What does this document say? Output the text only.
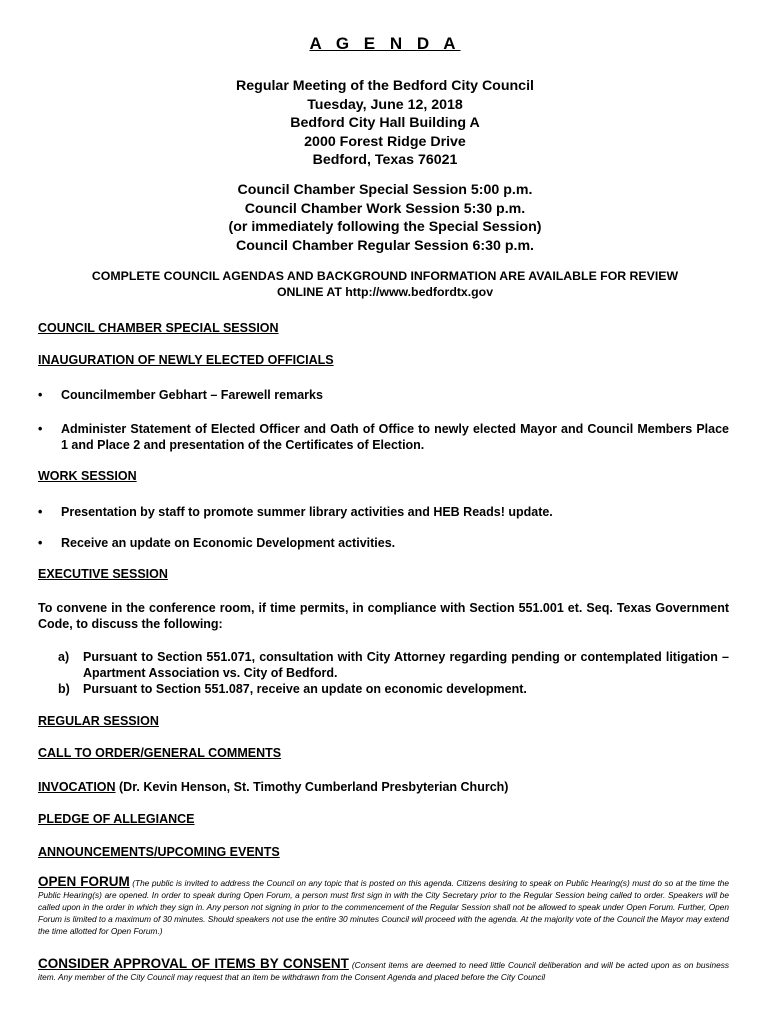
A G E N D A
Regular Meeting of the Bedford City Council
Tuesday, June 12, 2018
Bedford City Hall Building A
2000 Forest Ridge Drive
Bedford, Texas 76021
Council Chamber Special Session 5:00 p.m.
Council Chamber Work Session 5:30 p.m.
(or immediately following the Special Session)
Council Chamber Regular Session 6:30 p.m.
COMPLETE COUNCIL AGENDAS AND BACKGROUND INFORMATION ARE AVAILABLE FOR REVIEW
ONLINE AT http://www.bedfordtx.gov
COUNCIL CHAMBER SPECIAL SESSION
INAUGURATION OF NEWLY ELECTED OFFICIALS
• Councilmember Gebhart – Farewell remarks
• Administer Statement of Elected Officer and Oath of Office to newly elected Mayor and Council Members Place 1 and Place 2 and presentation of the Certificates of Election.
WORK SESSION
• Presentation by staff to promote summer library activities and HEB Reads! update.
• Receive an update on Economic Development activities.
EXECUTIVE SESSION
To convene in the conference room, if time permits, in compliance with Section 551.001 et. Seq. Texas Government Code, to discuss the following:
a) Pursuant to Section 551.071, consultation with City Attorney regarding pending or contemplated litigation – Apartment Association vs. City of Bedford.
b) Pursuant to Section 551.087, receive an update on economic development.
REGULAR SESSION
CALL TO ORDER/GENERAL COMMENTS
INVOCATION (Dr. Kevin Henson, St. Timothy Cumberland Presbyterian Church)
PLEDGE OF ALLEGIANCE
ANNOUNCEMENTS/UPCOMING EVENTS
OPEN FORUM (The public is invited to address the Council on any topic that is posted on this agenda. Citizens desiring to speak on Public Hearing(s) must do so at the time the Public Hearing(s) are opened. In order to speak during Open Forum, a person must first sign in with the City Secretary prior to the Regular Session being called to order. Speakers will be called upon in the order in which they sign in. Any person not signing in prior to the commencement of the Regular Session shall not be allowed to speak under Open Forum. Further, Open Forum is limited to a maximum of 30 minutes. Should speakers not use the entire 30 minutes Council will proceed with the agenda. At the majority vote of the Council the Mayor may extend the time allotted for Open Forum.)
CONSIDER APPROVAL OF ITEMS BY CONSENT (Consent items are deemed to need little Council deliberation and will be acted upon as on business item. Any member of the City Council may request that an item be withdrawn from the Consent Agenda and placed before the City Council
